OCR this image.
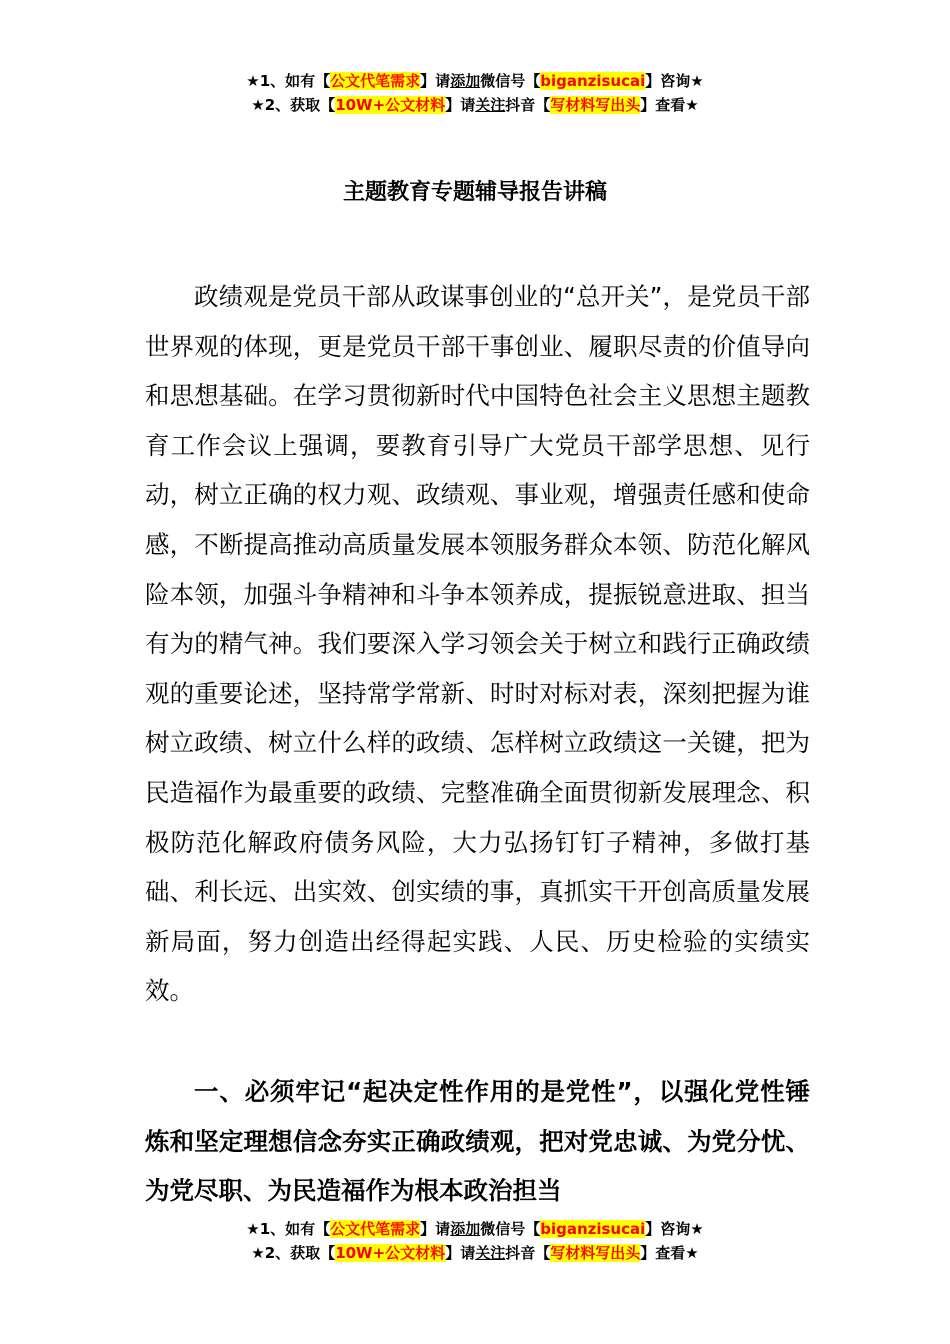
★1、如有【公文代笔需求】请添加微信号【biganzisucai】咨询★
★2、获取【10W+公文材料】请关注抖音【写材料写出头】查看★
主题教育专题辅导报告讲稿

政绩观是党员干部从政谋事创业的“总开关”，是党员干部世界观的体现，更是党员干部干事创业、履职尽责的价值导向和思想基础。在学习贯彻新时代中国特色社会主义思想主题教育工作会议上强调，要教育引导广大党员干部学思想、见行动，树立正确的权力观、政绩观、事业观，增强责任感和使命感，不断提高推动高质量发展本领服务群众本领、防范化解风险本领，加强斗争精神和斗争本领养成，提振锐意进取、担当有为的精气神。我们要深入学习领会关于树立和践行正确政绩观的重要论述，坚持常学常新、时时对标对表，深刻把握为谁树立政绩、树立什么样的政绩、怎样树立政绩这一关键，把为民造福作为最重要的政绩、完整准确全面贯彻新发展理念、积极防范化解政府债务风险，大力弘扬钉钉子精神，多做打基础、利长远、出实效、创实绩的事，真抓实干开创高质量发展新局面，努力创造出经得起实践、人民、历史检验的实绩实效。

一、必须牢记“起决定性作用的是党性”，以强化党性锤炼和坚定理想信念夯实正确政绩观，把对党忠诚、为党分忧、为党尽职、为民造福作为根本政治担当

★1、如有【公文代笔需求】请添加微信号【biganzisucai】咨询★
★2、获取【10W+公文材料】请关注抖音【写材料写出头】查看★
